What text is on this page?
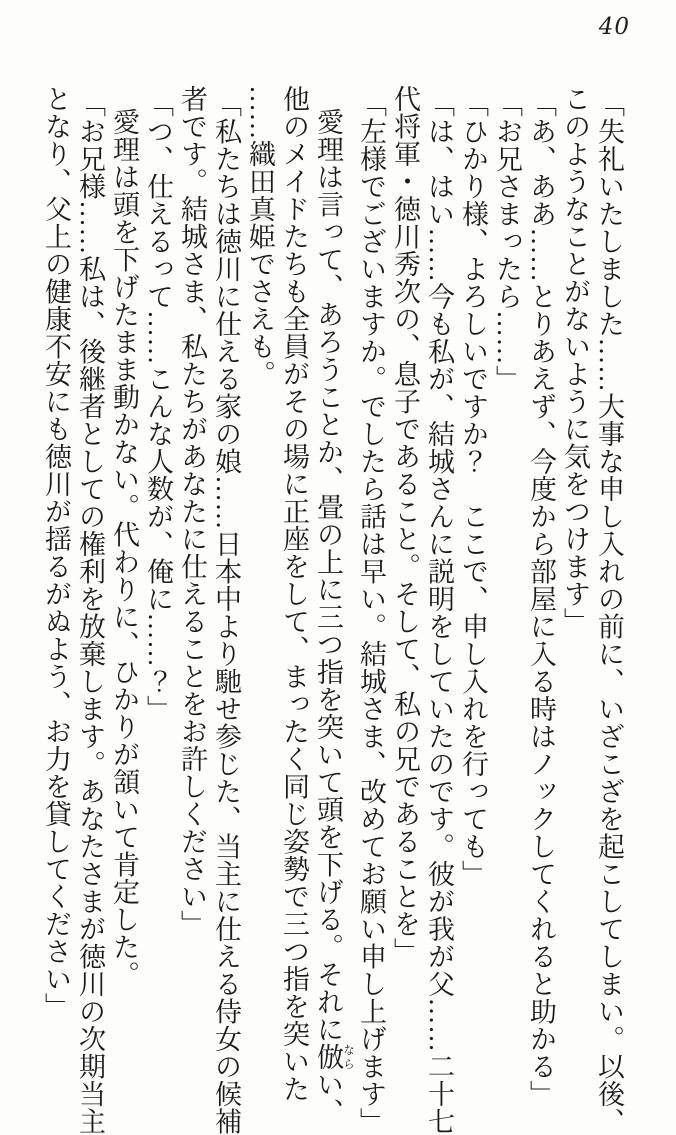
40
「失礼いたしました……大事な申し入れの前に、いざこざを起こしてしまい。以後、
このようなことがないように気をつけます」
「あ、ああ……とりあえず、今度から部屋に入る時はノックしてくれると助かる」
「お兄さまったら……」
「ひかり様、よろしいですか？　ここで、申し入れを行っても」
「は、はい……今も私が、結城さんに説明をしていたのです。彼が我が父……二十七
代将軍・徳川秀次の、息子であること。そして、私の兄であることを」
「左様でございますか。でしたら話は早い。結城さま、改めてお願い申し上げます」
愛理は言って、あろうことか、畳の上に三つ指を突いて頭を下げる。それに倣 ならい、
他のメイドたちも全員がその場に正座をして、まったく同じ姿勢で三つ指を突いた
……織田真姫でさえも。
「私たちは徳川に仕える家の娘……日本中より馳せ参じた、当主に仕える侍女の候補
者です。結城さま、私たちがあなたに仕えることをお許しください」
「つ、仕えるって……こんな人数が、俺に……？」
愛理は頭を下げたまま動かない。代わりに、ひかりが頷いて肯定した。
「お兄様……私は、後継者としての権利を放棄します。あなたさまが徳川の次期当主
となり、父上の健康不安にも徳川が揺るがぬよう、お力を貸してください」
